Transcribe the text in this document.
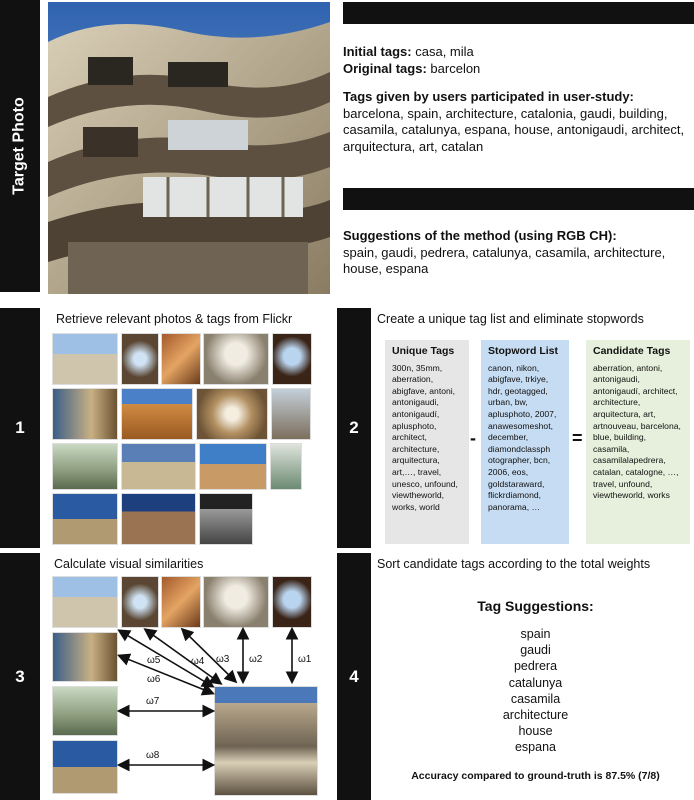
Target Photo
Initial tags: casa, mila
Original tags: barcelon
Tags given by users participated in user-study:
barcelona, spain, architecture, catalonia, gaudi, building, casamila, catalunya, espana, house, antonigaudi, architect, arquitectura, art, catalan
Suggestions of the method (using RGB CH):
spain, gaudi, pedrera, catalunya, casamila, architecture, house, espana
1
Retrieve relevant photos & tags from Flickr
2
Create a unique tag list and eliminate stopwords
Unique Tags
300n, 35mm, aberration, abigfave, antoni, antonigaudi, antonigaudí, aplusphoto, architect, architecture, arquitectura, art,…, travel, unesco, unfound, viewtheworld, works, world
-
Stopword List
canon, nikon, abigfave, trkiye, hdr, geotagged, urban, bw, aplusphoto, 2007, anawesomeshot, december, diamondclassph otographer, bcn, 2006, eos, goldstaraward, flickrdiamond, panorama, …
=
Candidate Tags
aberration, antoni, antonigaudi, antonigaudí, architect, architecture, arquitectura, art, artnouveau, barcelona, blue, building, casamila, casamilalapedrera, catalan, catalogne, …, travel, unfound, viewtheworld, works
3
Calculate visual similarities
ω1
ω2
ω3
ω4
ω5
ω6
ω7
ω8
4
Sort candidate tags according to the total weights
Tag Suggestions:
spain
gaudi
pedrera
catalunya
casamila
architecture
house
espana
Accuracy compared to ground-truth is 87.5% (7/8)
